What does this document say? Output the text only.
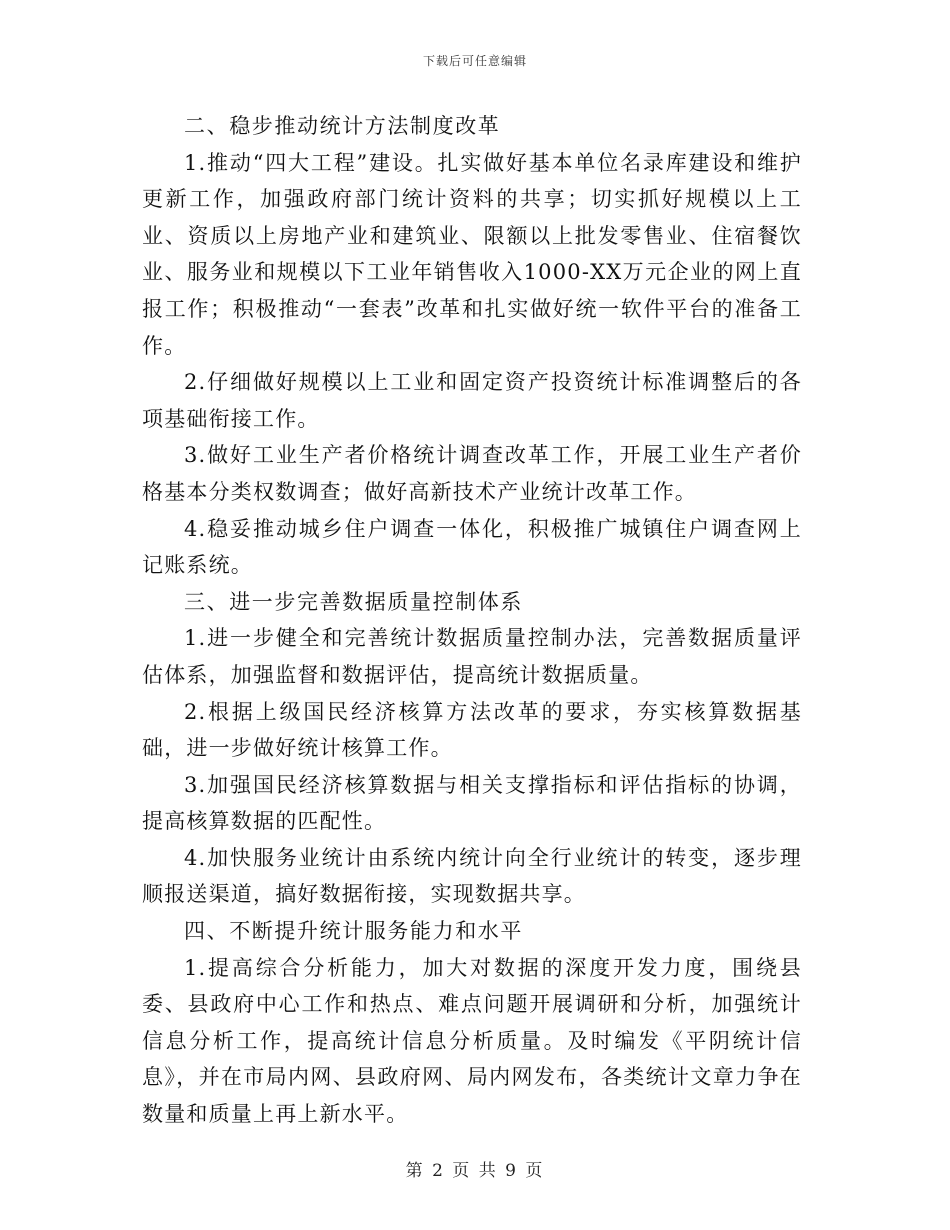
下载后可任意编辑

二、稳步推动统计方法制度改革

1.推动“四大工程”建设。扎实做好基本单位名录库建设和维护更新工作，加强政府部门统计资料的共享；切实抓好规模以上工业、资质以上房地产业和建筑业、限额以上批发零售业、住宿餐饮业、服务业和规模以下工业年销售收入1000-XX万元企业的网上直报工作；积极推动“一套表”改革和扎实做好统一软件平台的准备工作。

2.仔细做好规模以上工业和固定资产投资统计标准调整后的各项基础衔接工作。

3.做好工业生产者价格统计调查改革工作，开展工业生产者价格基本分类权数调查；做好高新技术产业统计改革工作。

4.稳妥推动城乡住户调查一体化，积极推广城镇住户调查网上记账系统。

三、进一步完善数据质量控制体系

1.进一步健全和完善统计数据质量控制办法，完善数据质量评估体系，加强监督和数据评估，提高统计数据质量。

2.根据上级国民经济核算方法改革的要求，夯实核算数据基础，进一步做好统计核算工作。

3.加强国民经济核算数据与相关支撑指标和评估指标的协调，提高核算数据的匹配性。

4.加快服务业统计由系统内统计向全行业统计的转变，逐步理顺报送渠道，搞好数据衔接，实现数据共享。

四、不断提升统计服务能力和水平

1.提高综合分析能力，加大对数据的深度开发力度，围绕县委、县政府中心工作和热点、难点问题开展调研和分析，加强统计信息分析工作，提高统计信息分析质量。及时编发《平阴统计信息》，并在市局内网、县政府网、局内网发布，各类统计文章力争在数量和质量上再上新水平。

第 2 页 共 9 页
